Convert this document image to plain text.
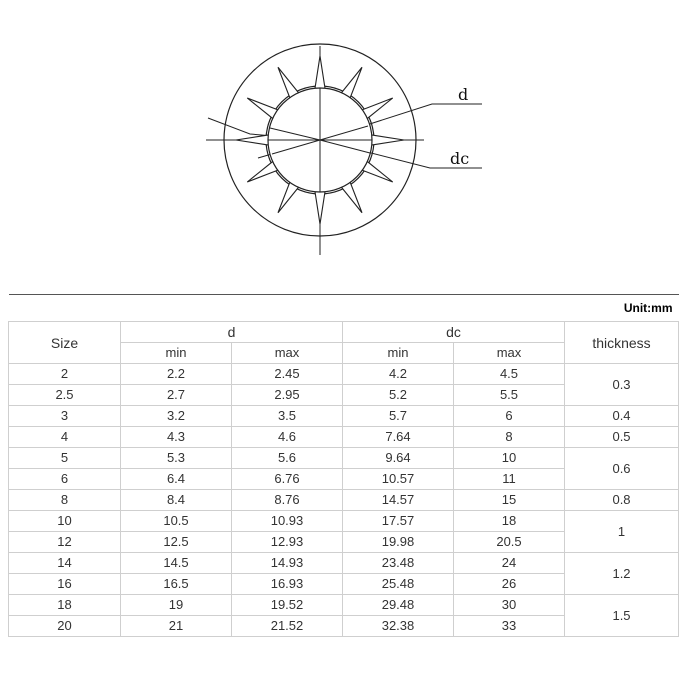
d
dc
Unit:mm					
Size	d		dc		thickness
	min	max	min	max	
2	2.2	2.45	4.2	4.5	0.3
2.5	2.7	2.95	5.2	5.5	
3	3.2	3.5	5.7	6	0.4
4	4.3	4.6	7.64	8	0.5
5	5.3	5.6	9.64	10	0.6
6	6.4	6.76	10.57	11	
8	8.4	8.76	14.57	15	0.8
10	10.5	10.93	17.57	18	1
12	12.5	12.93	19.98	20.5	
14	14.5	14.93	23.48	24	1.2
16	16.5	16.93	25.48	26	
18	19	19.52	29.48	30	1.5
20	21	21.52	32.38	33	
